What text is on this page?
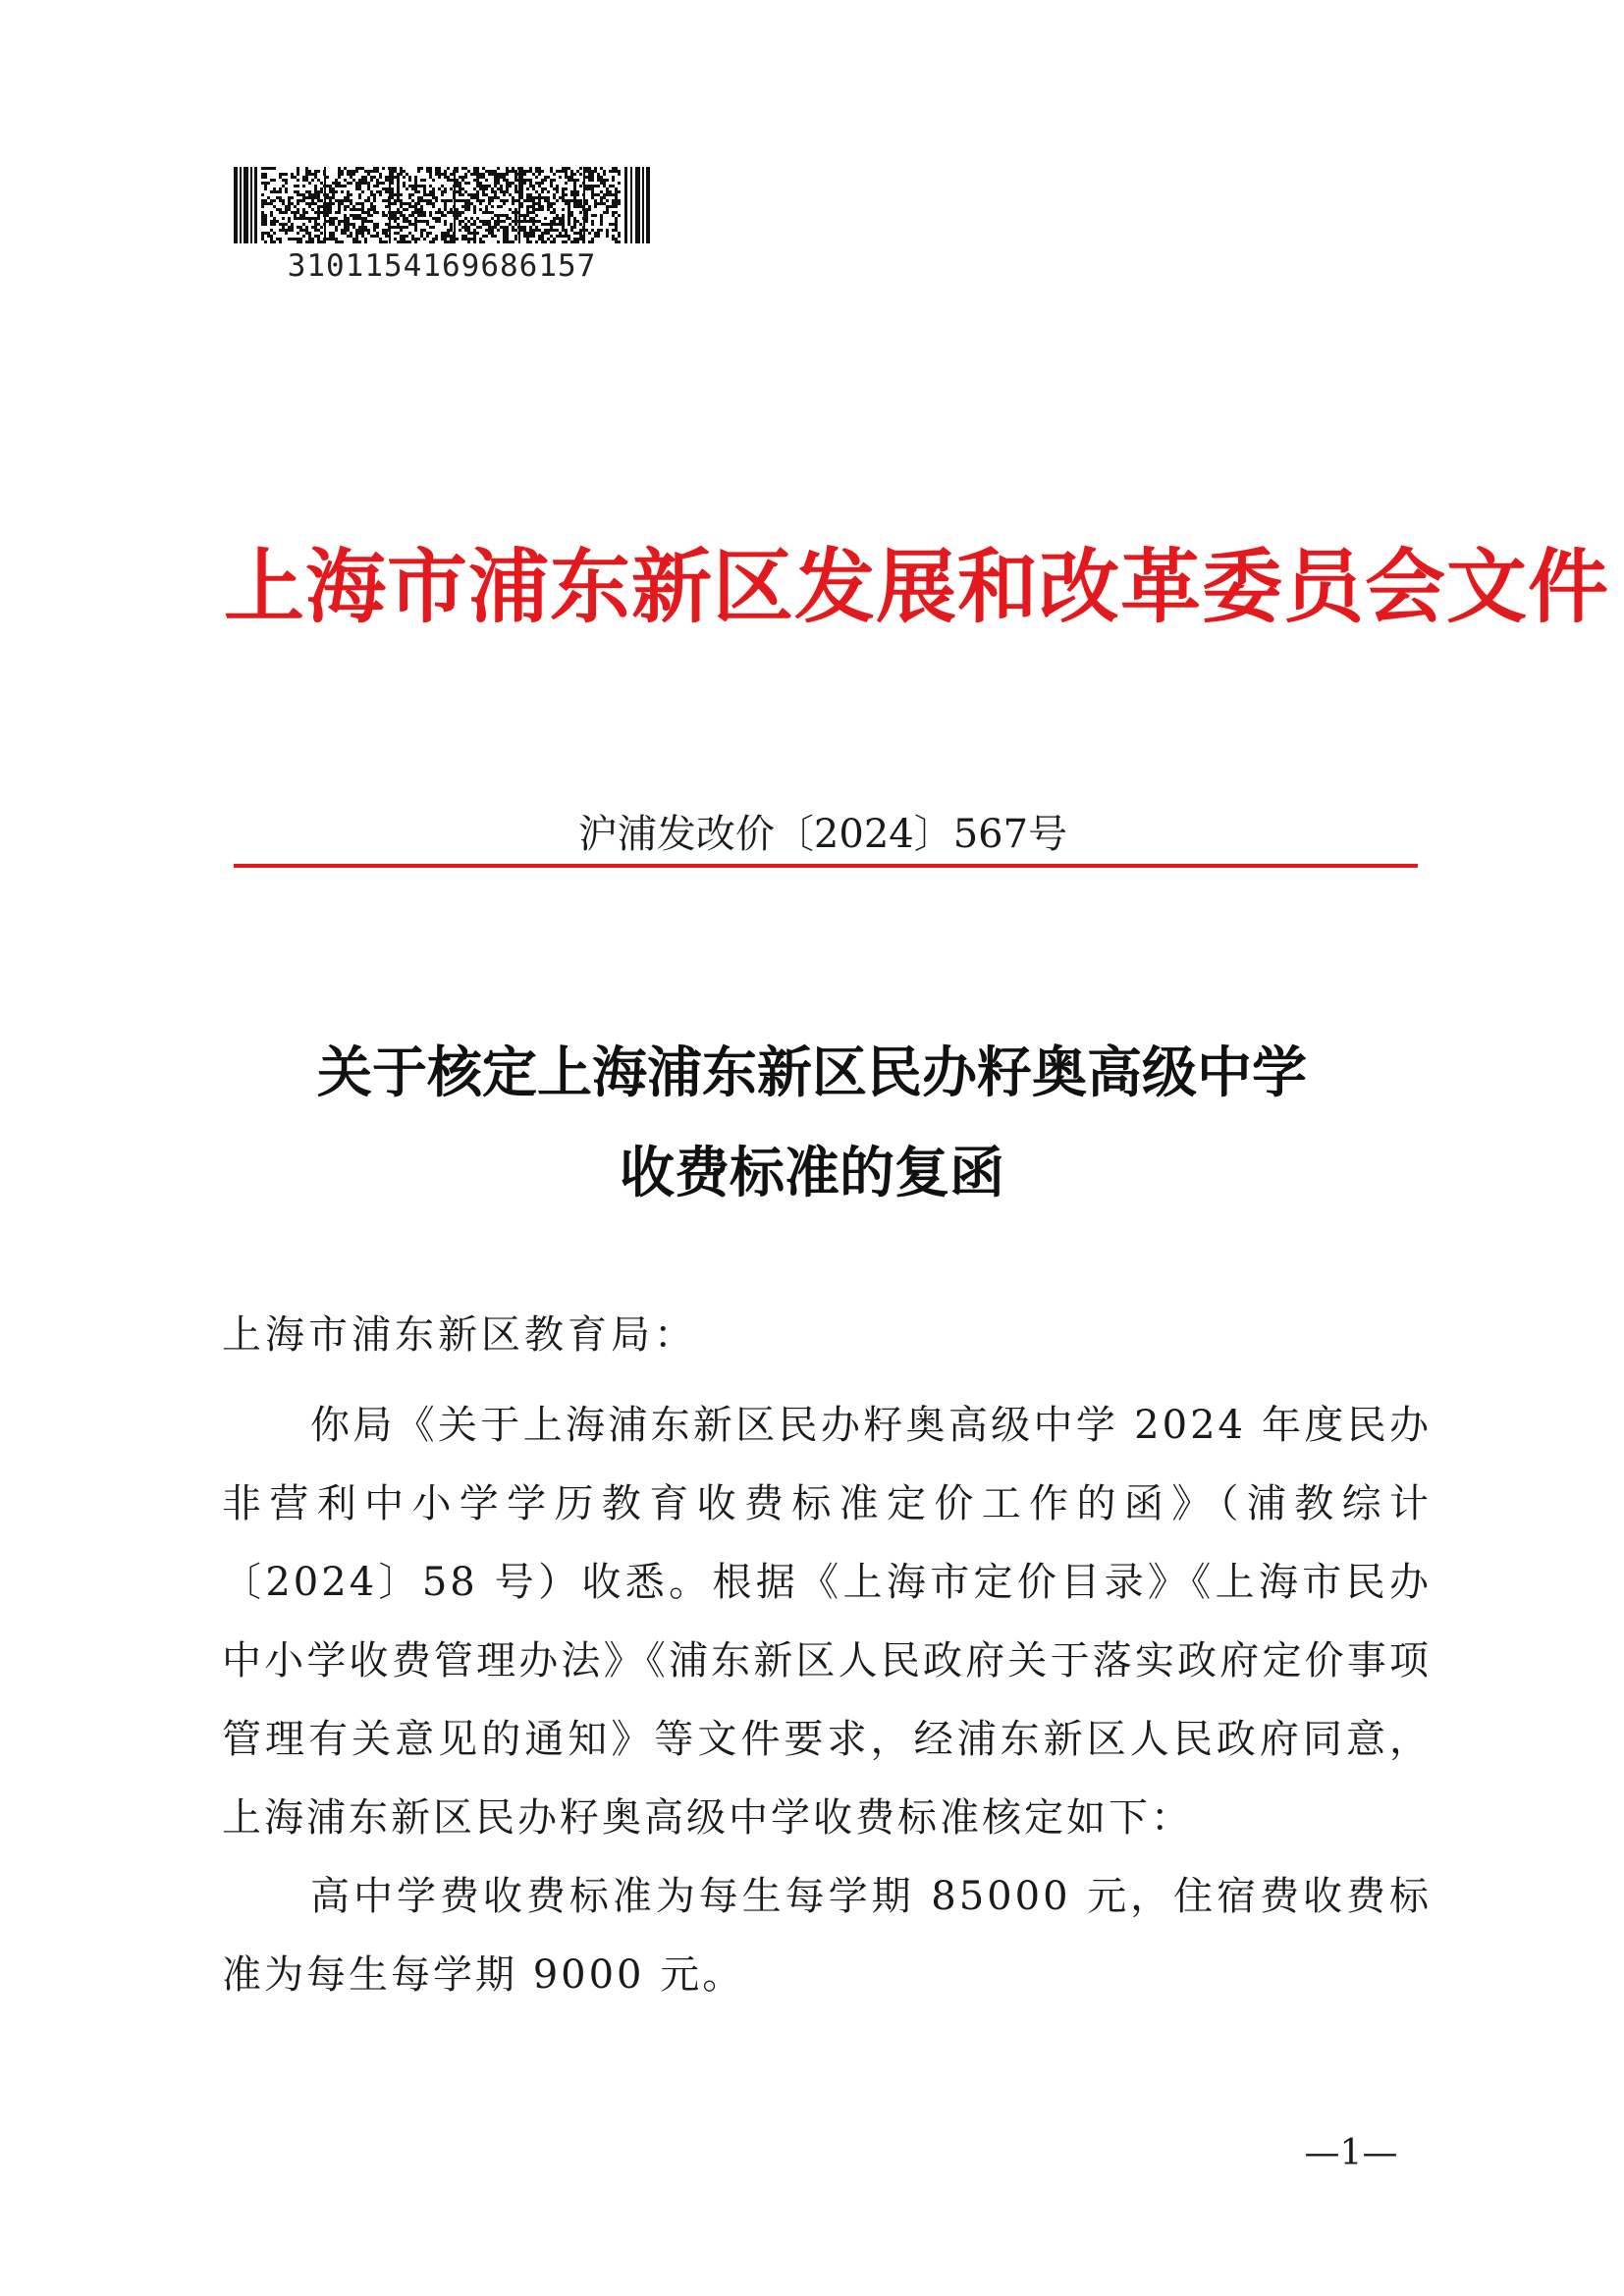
3101154169686157
上海市浦东新区发展和改革委员会文件
沪浦发改价〔2024〕567号
关于核定上海浦东新区民办籽奥高级中学
收费标准的复函
上海市浦东新区教育局：

你局《关于上海浦东新区民办籽奥高级中学 2024 年度民办非营利中小学学历教育收费标准定价工作的函》（浦教综计〔2024〕58 号）收悉。根据《上海市定价目录》《上海市民办中小学收费管理办法》《浦东新区人民政府关于落实政府定价事项管理有关意见的通知》等文件要求，经浦东新区人民政府同意，上海浦东新区民办籽奥高级中学收费标准核定如下：

高中学费收费标准为每生每学期 85000 元，住宿费收费标准为每生每学期 9000 元。

—1—
